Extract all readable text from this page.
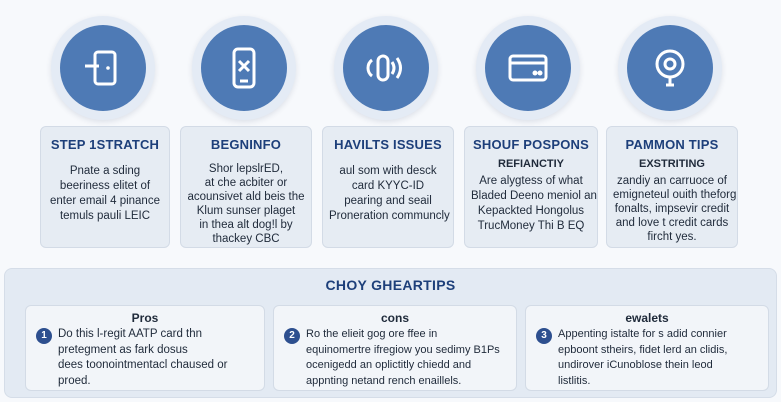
STEP 1STRATCH
Pnate a sding
beeriness elitet of
enter email 4 pinance
temuls pauli LEIC
BEGNINFO
Shor lepslrED,
at che acbiter or
acounsivet ald beis the
Klum sunser plaget
in thea alt dog!l by
thackey CBC
HAVILTS ISSUES
aul som with desck
card KYYC-ID
pearing and seail
Proneration communcly
SHOUF POSPONS
REFIANCTIY
Are alygtess of what
Bladed Deeno meniol an
Kepackted Hongolus
TrucMoney Thi B EQ
PAMMON TIPS
EXSTRITING
zandiy an carruoce of
emigneteul ouith theforg
fonalts, impsevir credit
and love t credit cards
fircht yes.
CHOY GHEARTIPS
Pros
1 Do this l-regit AATP card thn
pretegment as fark dosus
dees toonointmentacl chaused or
proed.
cons
2	Ro the elieit gog ore ffee in
equinomertre ifregiow you sedimy B1Ps
ocenigedd an oplictitly chiedd and
appnting netand rench enaillels.
ewalets
3	Appenting istalte for s adid connier
epboont stheirs, fidet lerd an clidis,
undirover iCunoblose thein leod
listlitis.
